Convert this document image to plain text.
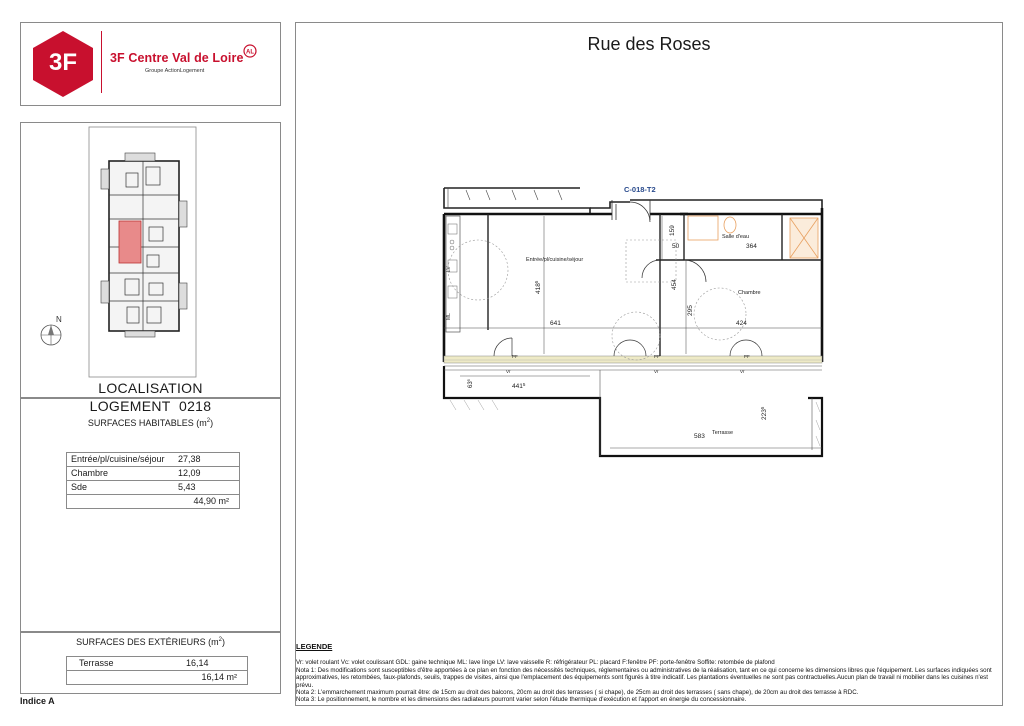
3F	3F Centre Val de Loire AL
Groupe ActionLogement
N
LOCALISATION
LOGEMENT 0218
SURFACES HABITABLES $(m^2)$
Entrée/pl/cuisine/séjour	27,38
Chambre	12,09
Sde	5,43
44,90 m²	
SURFACES DES EXTÉRIEURS $(m^2)$
Terrasse	16,14
16,14 m²
Indice A
Rue des Roses
LV
ML
C-018-T2
Entrée/pl/cuisine/séjour
Chambre
Salle d'eau
Terrasse
641	424
$418^5$	454
295
159
50	364
$441^5$
583
$223^5$
$63^5$
PF	PF	PF
Vr	Vr	Vr
LEGENDE

Vr: volet roulant Vc: volet coulissant GDL: gaine technique ML: lave linge LV: lave vaisselle R: réfrigérateur PL: placard F:fenêtre PF: porte-fenêtre Soffite: retombée de plafond

Nota 1: Des modifications sont susceptibles d'être apportées à ce plan en fonction des nécessités techniques, réglementaires ou administratives de la réalisation, tant en ce qui concerne les dimensions libres que l'équipement. Les surfaces indiquées sont approximatives, les retombées, faux-plafonds, seuils, trappes de visites, ainsi que l'emplacement des équipements sont figurés à titre indicatif. Les plantations éventuelles ne sont pas contractuelles.Aucun plan de travail ni mobilier dans les cuisines n'est prévu.

Nota 2: L'emmarchement maximum pourrait être: de 15cm au droit des balcons, 20cm au droit des terrasses ( si chape), de 25cm au droit des terrasses ( sans chape), de 20cm au droit des terrasse à RDC.

Nota 3: Le positionnement, le nombre et les dimensions des radiateurs pourront varier selon l'étude thermique d'exécution et l'apport en énergie du concessionnaire.
